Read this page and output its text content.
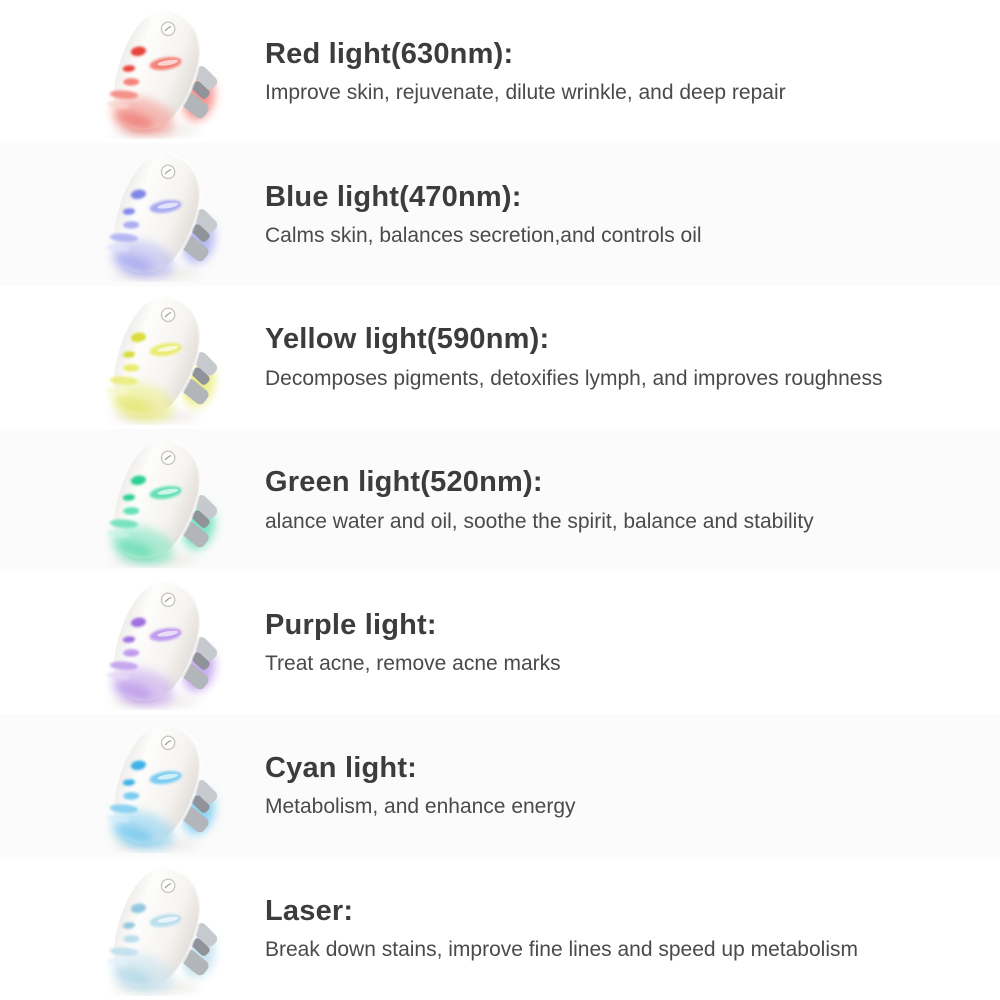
Red light(630nm):

Improve skin, rejuvenate, dilute wrinkle, and deep repair

Blue light(470nm):

Calms skin, balances secretion,and controls oil

Yellow light(590nm):

Decomposes pigments, detoxifies lymph, and improves roughness

Green light(520nm):

alance water and oil, soothe the spirit, balance and stability

Purple light:

Treat acne, remove acne marks

Cyan light:

Metabolism, and enhance energy

Laser:

Break down stains, improve fine lines and speed up metabolism
